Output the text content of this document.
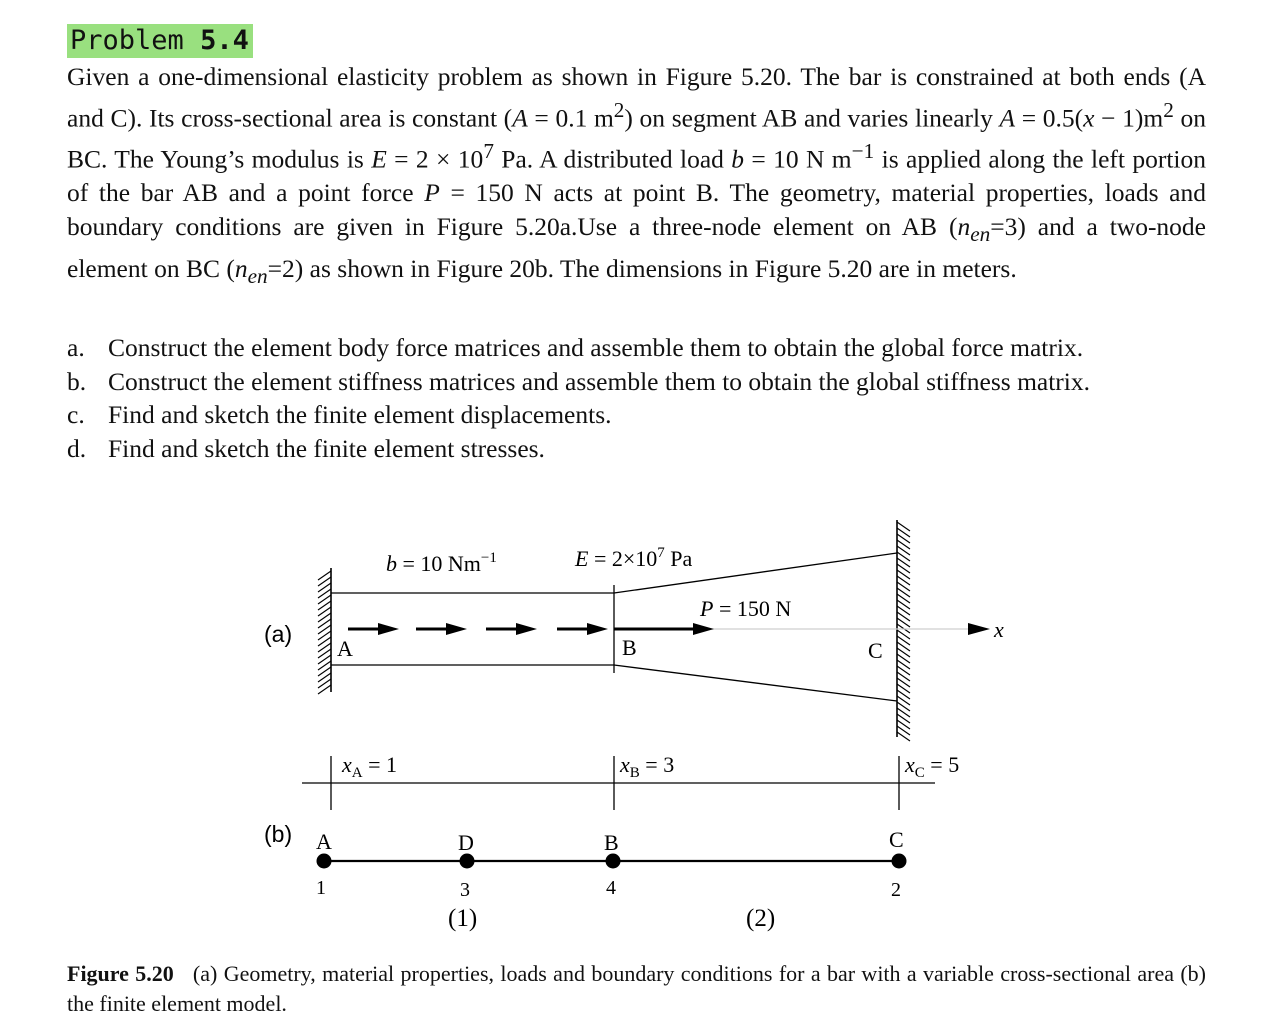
Problem 5.4
Given a one-dimensional elasticity problem as shown in Figure 5.20. The bar is constrained at both ends (A and C). Its cross-sectional area is constant (A = 0.1 $m^2$) on segment AB and varies linearly $A = 0.5(x - 1)m^2$ on BC. The Young’s modulus is $E = 2 \times 10^7$ Pa. A distributed load b = 10 N $m^{-1}$ is applied along the left portion of the bar AB and a point force P = 150 N acts at point B. The geometry, material properties, loads and boundary conditions are given in Figure 5.20a.Use a three-node element on AB $(n_{en}=3)$ and a two-node element on BC $(n_{en}=2)$ as shown in Figure 20b. The dimensions in Figure 5.20 are in meters.
a. Construct the element body force matrices and assemble them to obtain the global force matrix.
b. Construct the element stiffness matrices and assemble them to obtain the global stiffness matrix.
c. Find and sketch the finite element displacements.
d. Find and sketch the finite element stresses.
x
(a)
b = 10 $Nm^{-1}$	$E = 2\times 10^7$ Pa
P = 150 N
A	B	C
$x_A = 1$	$x_B = 3$	$x_C = 5$
(b) A	D	B	C
1	3	4	2
(1)	(2)
Figure 5.20 (a) Geometry, material properties, loads and boundary conditions for a bar with a variable cross-sectional area (b) the finite element model.
